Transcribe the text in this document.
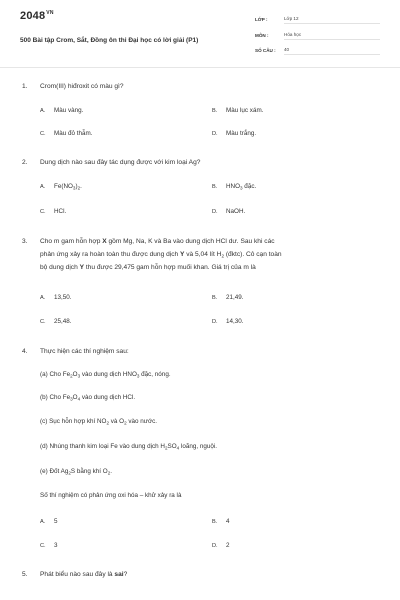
$2048^{VN}$
500 Bài tập Crom, Sắt, Đồng ôn thi Đại học có lời giải (P1)
LỚP :	Lớp 12
MÔN :	Hóa học
SỐ CÂU :	40
1. Crom(III) hiđroxit có màu gì?
A. Màu vàng.	B. Màu lục xám.
C. Màu đỏ thẫm.	D. Màu trắng.
2. Dung dịch nào sau đây tác dụng được với kim loại Ag?
A. $Fe(NO_3)_2$.	B. $HNO_3$ đặc.
C. HCl.	D. NaOH.
3. Cho m gam hỗn hợp X gồm Mg, Na, K và Ba vào dung dịch HCl dư. Sau khi các
phản ứng xảy ra hoàn toàn thu được dung dịch Y và 5,04 lít $H_2$ (đktc). Cô cạn toàn
bộ dung dịch Y thu được 29,475 gam hỗn hợp muối khan. Giá trị của m là
A. 13,50.	B. 21,49.
C. 25,48.	D. 14,30.
4. Thực hiện các thí nghiệm sau:
(a) Cho $Fe_2O_3$ vào dung dịch $HNO_3$ đặc, nóng.
(b) Cho $Fe_3O_4$ vào dung dịch HCl.
(c) Sục hỗn hợp khí $NO_2$ và $O_2$ vào nước.
(d) Nhúng thanh kim loại Fe vào dung dịch $H_2SO_4$ loãng, nguội.
(e) Đốt $Ag_2S$ bằng khí $O_2$.
Số thí nghiệm có phản ứng oxi hóa – khử xảy ra là
A. 5	B. 4
C. 3	D. 2
5. Phát biểu nào sau đây là sai?
